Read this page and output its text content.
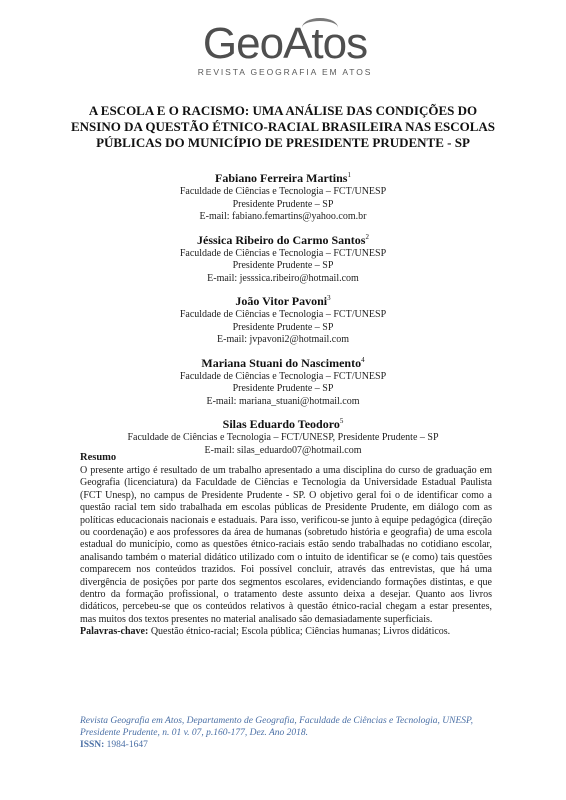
GeoAtos
REVISTA GEOGRAFIA EM ATOS
A ESCOLA E O RACISMO: UMA ANÁLISE DAS CONDIÇÕES DO ENSINO DA QUESTÃO ÉTNICO-RACIAL BRASILEIRA NAS ESCOLAS PÚBLICAS DO MUNICÍPIO DE PRESIDENTE PRUDENTE - SP
Fabiano Ferreira Martins$^1$
Faculdade de Ciências e Tecnologia – FCT/UNESP
Presidente Prudente – SP
E-mail: fabiano.femartins@yahoo.com.br
Jéssica Ribeiro do Carmo Santos$^2$
Faculdade de Ciências e Tecnologia – FCT/UNESP
Presidente Prudente – SP
E-mail: jesssica.ribeiro@hotmail.com
João Vitor Pavoni$^3$
Faculdade de Ciências e Tecnologia – FCT/UNESP
Presidente Prudente – SP
E-mail: jvpavoni2@hotmail.com
Mariana Stuani do Nascimento$^4$
Faculdade de Ciências e Tecnologia – FCT/UNESP
Presidente Prudente – SP
E-mail: mariana_stuani@hotmail.com
Silas Eduardo Teodoro$^5$
Faculdade de Ciências e Tecnologia – FCT/UNESP, Presidente Prudente – SP
E-mail: silas_eduardo07@hotmail.com
Resumo

O presente artigo é resultado de um trabalho apresentado a uma disciplina do curso de graduação em Geografia (licenciatura) da Faculdade de Ciências e Tecnologia da Universidade Estadual Paulista (FCT Unesp), no campus de Presidente Prudente - SP. O objetivo geral foi o de identificar como a questão racial tem sido trabalhada em escolas públicas de Presidente Prudente, em diálogo com as políticas educacionais nacionais e estaduais. Para isso, verificou-se junto à equipe pedagógica (direção ou coordenação) e aos professores da área de humanas (sobretudo história e geografia) de uma escola estadual do município, como as questões étnico-raciais estão sendo trabalhadas no cotidiano escolar, analisando também o material didático utilizado com o intuito de identificar se (e como) tais questões comparecem nos conteúdos trazidos. Foi possível concluir, através das entrevistas, que há uma divergência de posições por parte dos segmentos escolares, evidenciando formações distintas, e que dentro da formação profissional, o tratamento deste assunto deixa a desejar. Quanto aos livros didáticos, percebeu-se que os conteúdos relativos à questão étnico-racial chegam a estar presentes, mas muitos dos textos presentes no material analisado são demasiadamente superficiais.

Palavras-chave: Questão étnico-racial; Escola pública; Ciências humanas; Livros didáticos.
Revista Geografia em Atos, Departamento de Geografia, Faculdade de Ciências e Tecnologia, UNESP, Presidente Prudente, n. 01 v. 07, p.160-177, Dez. Ano 2018.
ISSN: 1984-1647
